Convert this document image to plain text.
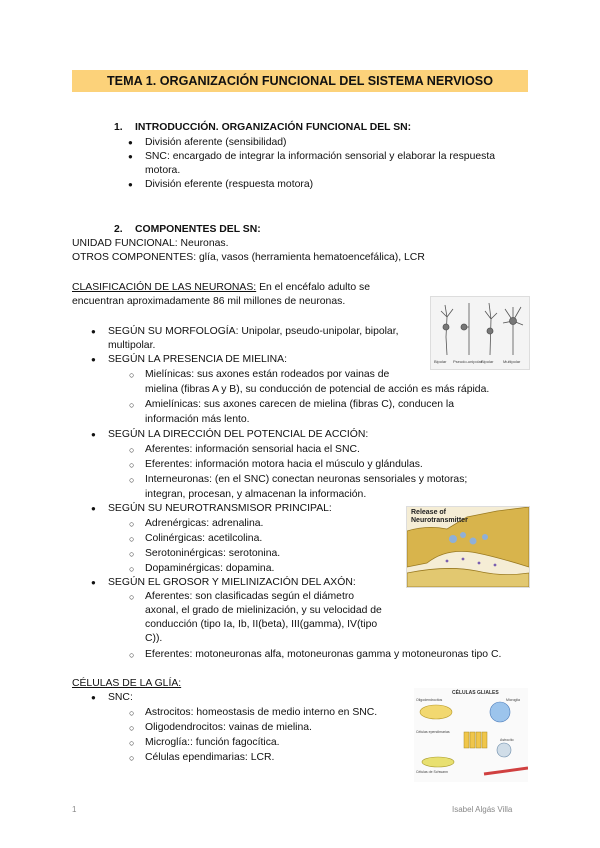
TEMA 1. ORGANIZACIÓN FUNCIONAL DEL SISTEMA NERVIOSO
1. INTRODUCCIÓN. ORGANIZACIÓN FUNCIONAL DEL SN:
● División aferente (sensibilidad)
● SNC: encargado de integrar la información sensorial y elaborar la respuesta
motora.
● División eferente (respuesta motora)
2. COMPONENTES DEL SN:
UNIDAD FUNCIONAL: Neuronas.
OTROS COMPONENTES: glía, vasos (herramienta hematoencefálica), LCR
CLASIFICACIÓN DE LAS NEURONAS: En el encéfalo adulto se
encuentran aproximadamente 86 mil millones de neuronas.
Bipolar Pseudo-unipolar
Bipolar Multipolar
● SEGÚN SU MORFOLOGÍA: Unipolar, pseudo-unipolar, bipolar,
multipolar.
● SEGÚN LA PRESENCIA DE MIELINA:
○ Mielínicas: sus axones están rodeados por vainas de
mielina (fibras A y B), su conducción de potencial de acción es más rápida.
○ Amielínicas: sus axones carecen de mielina (fibras C), conducen la
información más lento.
● SEGÚN LA DIRECCIÓN DEL POTENCIAL DE ACCIÓN:
○ Aferentes: información sensorial hacia el SNC.
○ Eferentes: información motora hacia el músculo y glándulas.
○ Interneuronas: (en el SNC) conectan neuronas sensoriales y motoras;
integran, procesan, y almacenan la información.
● SEGÚN SU NEUROTRANSMISOR PRINCIPAL:
○ Adrenérgicas: adrenalina.
○ Colinérgicas: acetilcolina.
○ Serotoninérgicas: serotonina.
○ Dopaminérgicas: dopamina.
Release of
Neurotransmitter
● SEGÚN EL GROSOR Y MIELINIZACIÓN DEL AXÓN:
○ Aferentes: son clasificadas según el diámetro
axonal, el grado de mielinización, y su velocidad de
conducción (tipo Ia, Ib, II(beta), III(gamma), IV(tipo
C)).
○ Eferentes: motoneuronas alfa, motoneuronas gamma y motoneuronas tipo C.
CÉLULAS DE LA GLÍA:
● SNC:
○ Astrocitos: homeostasis de medio interno en SNC.
○ Oligodendrocitos: vainas de mielina.
○ Microglía:: función fagocítica.
○ Células ependimarias: LCR.
CÉLULAS GLIALES
Oligodendrocitos	Microglia
Células ependimarias
Astrocito
Células de Schwann
1	Isabel Algás Villa
